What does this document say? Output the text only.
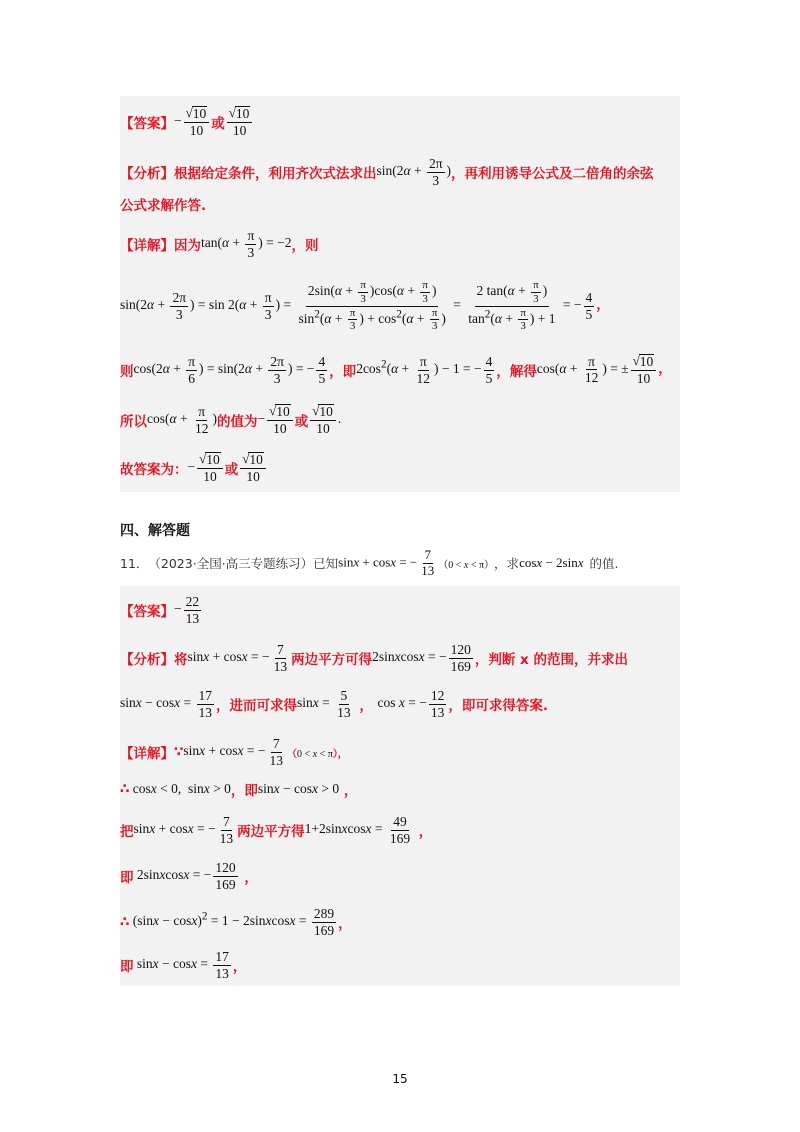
【答案】 − $\frac{√ 10}{10}$ 或 $\frac{√ 10}{10}$
【分析】 根据给定条件，利用齐次式法求出 $\sin(2\alpha + \frac{2\pi}{3}$ ) ，再利用诱导公式及二倍角的余弦
公式求解作答.
【详解】 因为 $\tan(\alpha + \frac{\pi}{3}$ ) = −2 ，则
$\sin(2\alpha + \frac{2\pi}{3}$ ) = $\sin 2(\alpha + \frac{\pi}{3}$ ) = $\frac{2\sin(\alpha + \frac{\pi}{3} )\cos(\alpha + \frac{\pi}{3} )}{\sin^2(\alpha + \frac{\pi}{3} ) + \cos^2(\alpha + \frac{\pi}{3} )} = \frac{2 \tan(\alpha + \frac{\pi}{3} )}{\tan^2(\alpha + \frac{\pi}{3} ) + 1}$ = − $\frac{4}{5}$ ，
则 $\cos(2\alpha + \frac{\pi}{6}$ ) = $\sin(2\alpha + \frac{2\pi}{3}$ ) = − $\frac{4}{5}$ ，即 $2\cos^2(\alpha + \frac{\pi}{12}$ ) − 1 = − $\frac{4}{5}$ ，解得 $\cos(\alpha + \frac{\pi}{12}$ ) = ± $\frac{√ 10}{10}$ ，
所以 $\cos(\alpha + \frac{\pi}{12}$ ) 的值为 − $\frac{√ 10}{10}$ 或 $\frac{√ 10}{10}$ .
故答案为： − $\frac{√ 10}{10}$ 或 $\frac{√ 10}{10}$
四、解答题
11． （2023·全国·高三专题练习）已知 sinx + cosx = − $\frac{7}{13} (0 < x < \pi)$ ，求 cosx − 2sinx 的值.
【答案】 − $\frac{22}{13}$
【分析】 将 sinx + cosx = − $\frac{7}{13}$ 两边平方可得 2sinxcosx = − $\frac{120}{169}$ ，判断 x 的范围，并求出
$\sin x - \cos x = \frac{17}{13}$ ，进而可求得 $\sin x = \frac{5}{13}$ ， cos x = − $\frac{12}{13}$ ，即可求得答案.
【详解】 ∵ sinx + cosx = − $\frac{7}{13} (0 < x < \pi)$，
∴ cosx < 0,  sinx > 0 ，即 sinx − cosx > 0 ，
把 sinx + cosx = − $\frac{7}{13}$ 两边平方得 1+2sinxcosx = $\frac{49}{169}$ ，
即 2sinxcosx = − $\frac{120}{169}$ ，
∴ $(\sin x - \cos x)^2 = 1$ − 2sinxcosx = $\frac{289}{169}$ ，
即 $\sin x - \cos x = \frac{17}{13}$ ，
15
